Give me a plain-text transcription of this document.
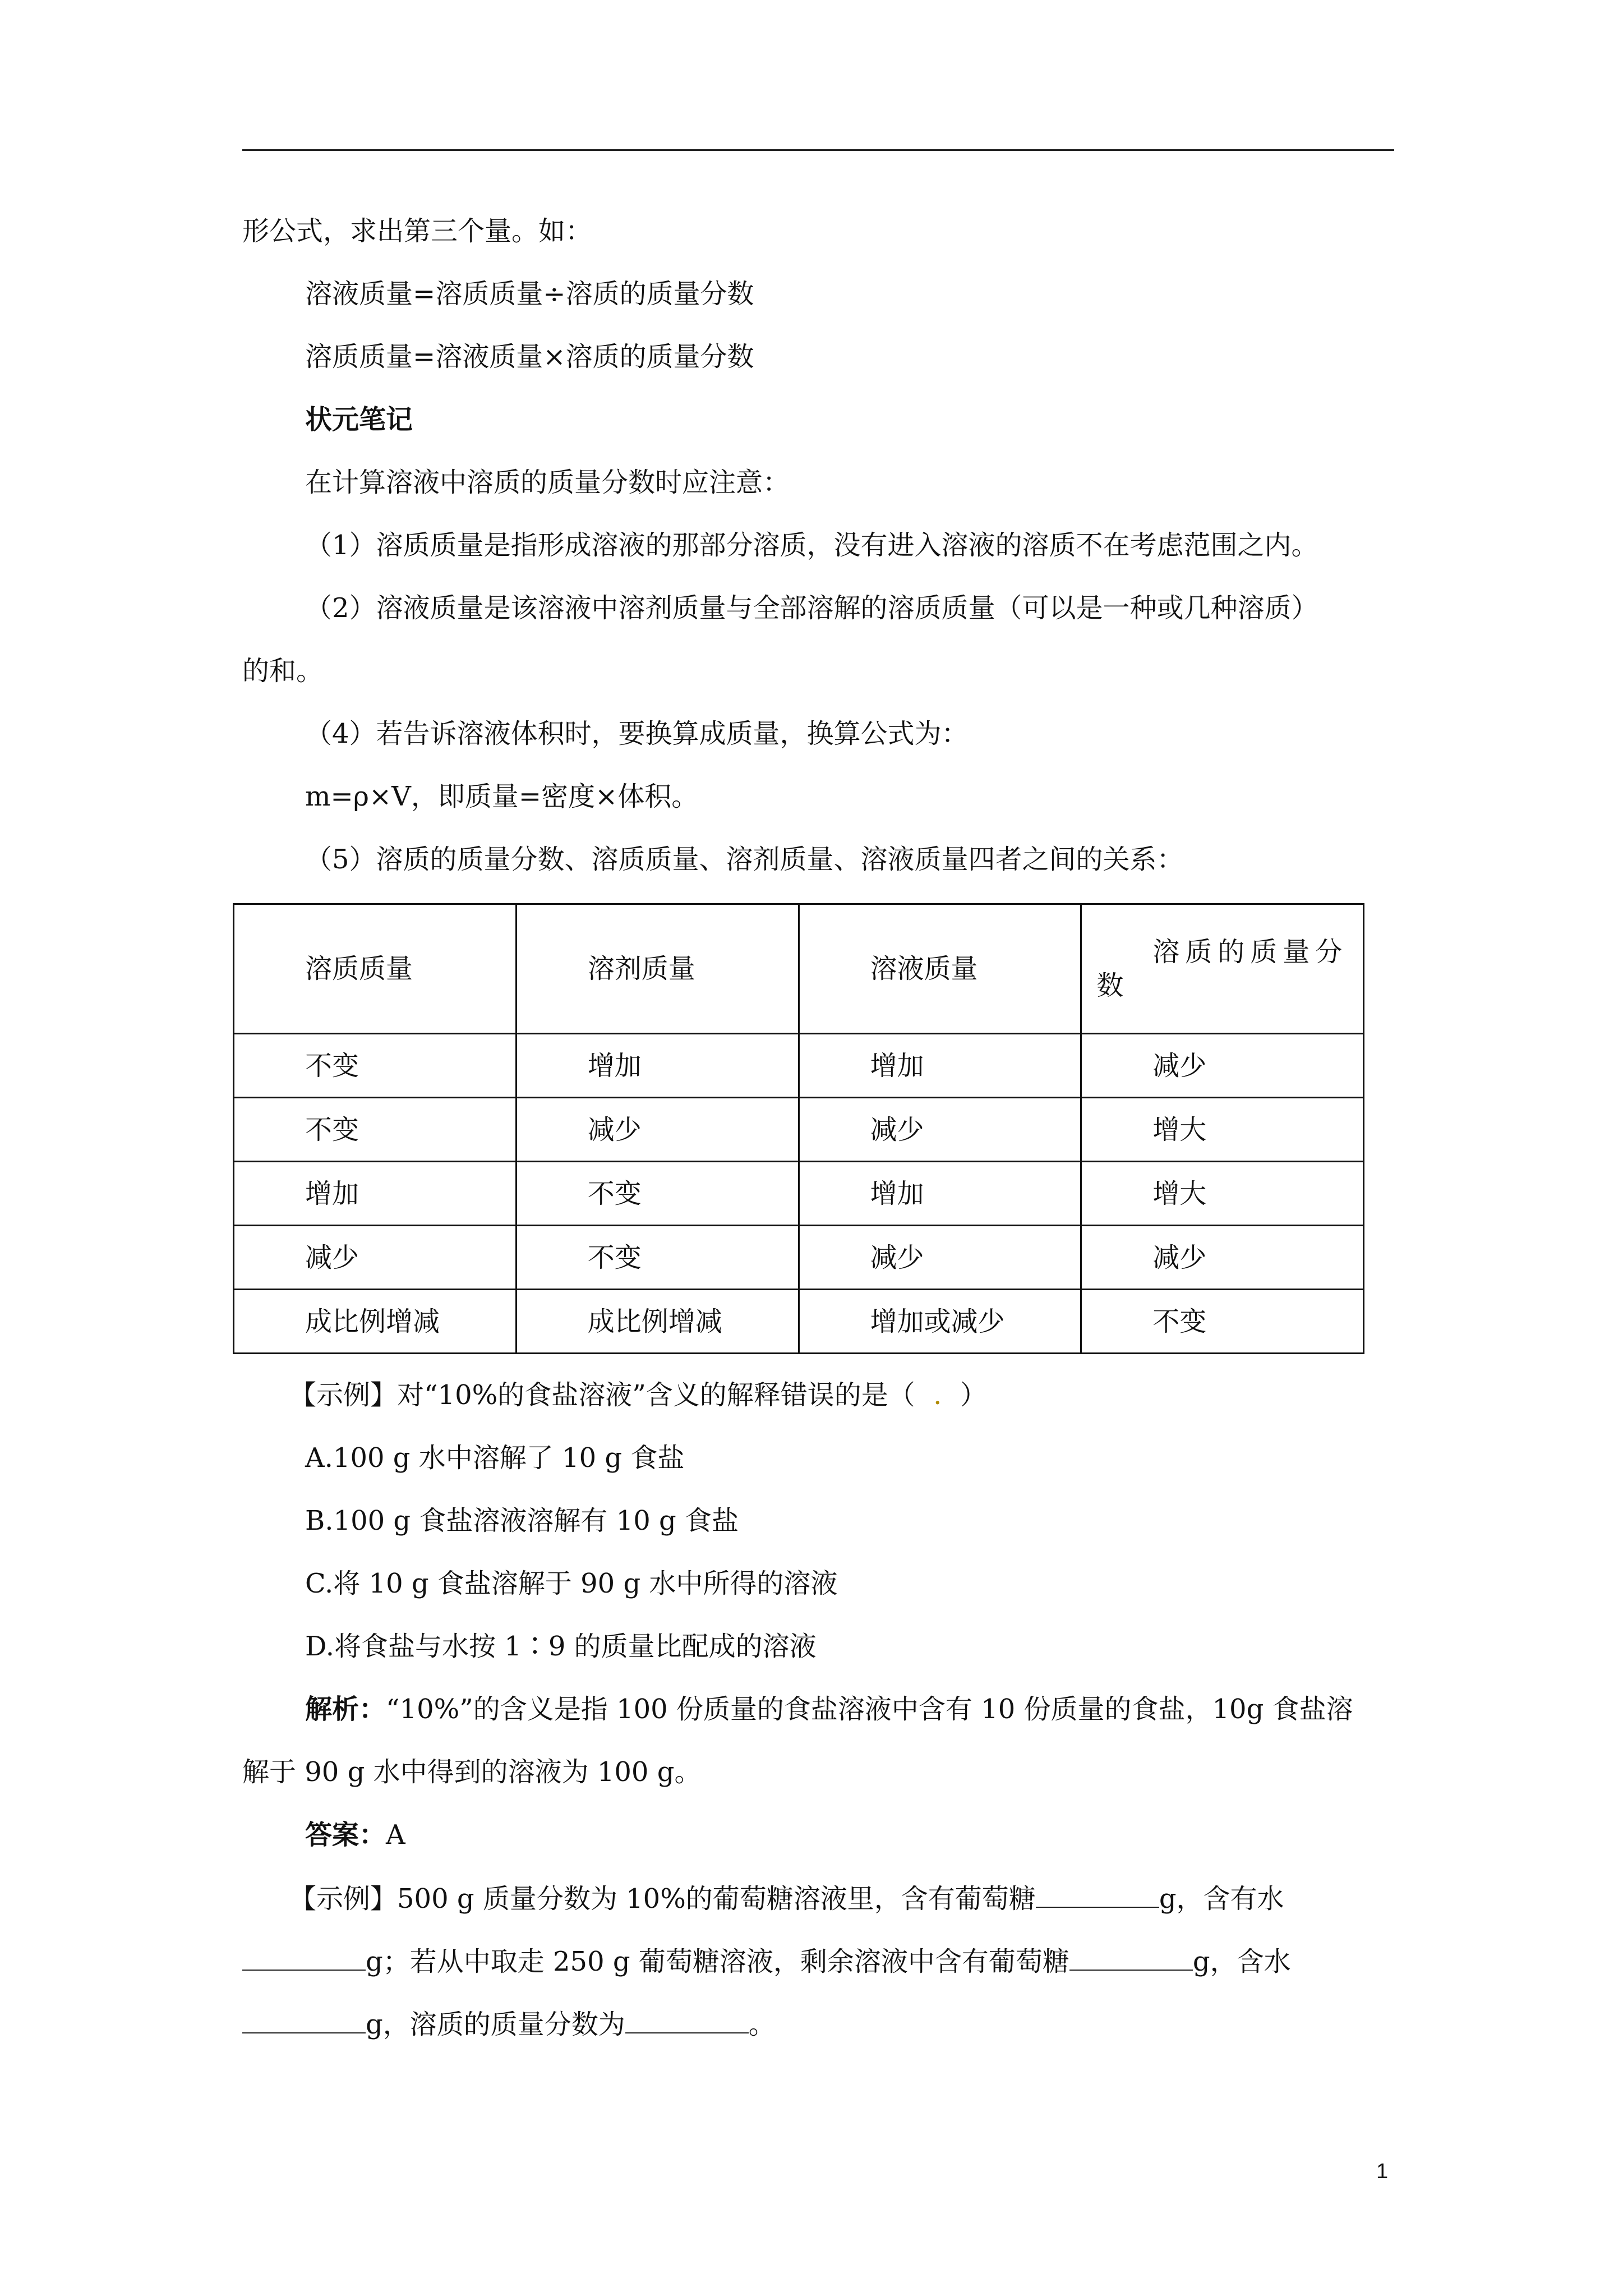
形公式，求出第三个量。如：
溶液质量=溶质质量÷溶质的质量分数
溶质质量=溶液质量×溶质的质量分数
状元笔记
在计算溶液中溶质的质量分数时应注意：
（1）溶质质量是指形成溶液的那部分溶质，没有进入溶液的溶质不在考虑范围之内。
（2）溶液质量是该溶液中溶剂质量与全部溶解的溶质质量（可以是一种或几种溶质）
的和。
（4）若告诉溶液体积时，要换算成质量，换算公式为：
m=ρ×V，即质量=密度×体积。
（5）溶质的质量分数、溶质质量、溶剂质量、溶液质量四者之间的关系：
溶质质量	溶剂质量	溶液质量	溶质的质量分
数

不变	增加	增加	减少
不变	减少	减少	增大
增加	不变	增加	增大
减少	不变	减少	减少
成比例增减	成比例增减	增加或减少	不变
【示例】对“10%的食盐溶液”含义的解释错误的是（ . ）
A.100 g 水中溶解了 10 g 食盐
B.100 g 食盐溶液溶解有 10 g 食盐
C.将 10 g 食盐溶解于 90 g 水中所得的溶液
D.将食盐与水按 1∶9 的质量比配成的溶液
解析：“10%”的含义是指 100 份质量的食盐溶液中含有 10 份质量的食盐，10g 食盐溶
解于 90 g 水中得到的溶液为 100 g。
答案：A
【示例】500 g 质量分数为 10%的葡萄糖溶液里，含有葡萄糖	g，含有水
g；若从中取走 250 g 葡萄糖溶液，剩余溶液中含有葡萄糖	g，含水
g，溶质的质量分数为	。
1
